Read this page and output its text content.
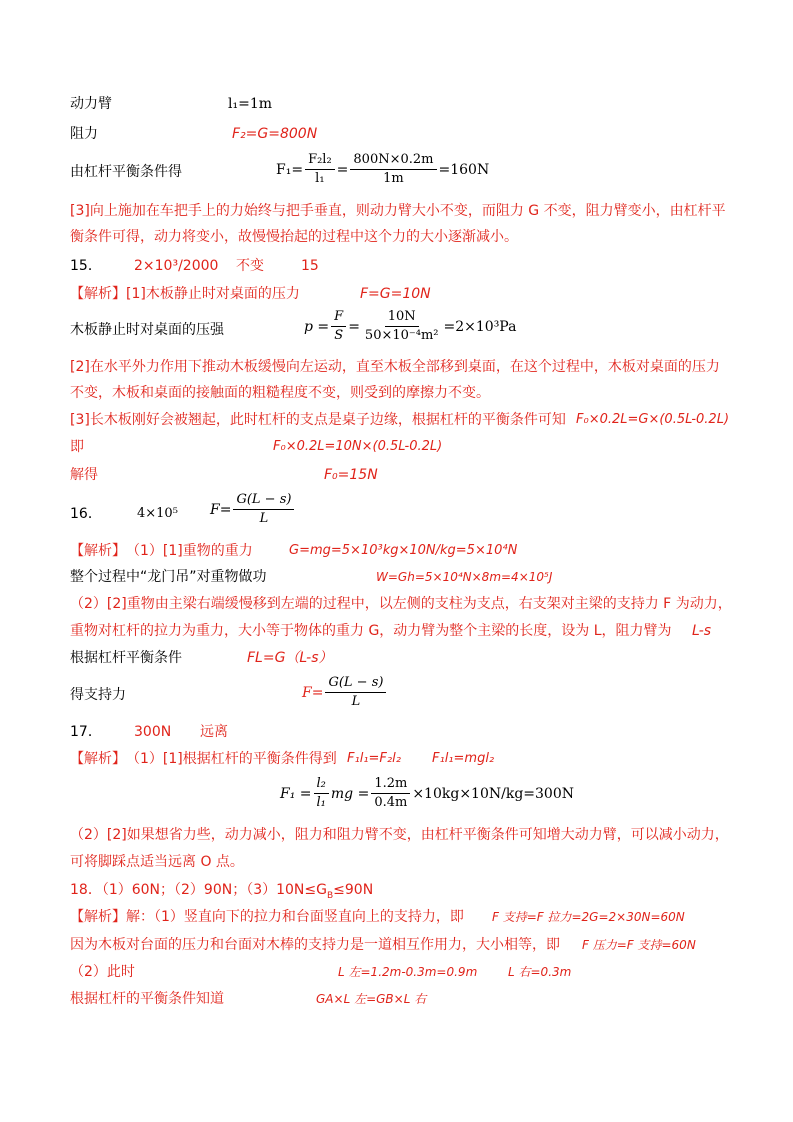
动力臂	l₁=1m
阻力	F₂=G=800N
由杠杆平衡条件得	$F_1= \frac{\text{F₂l₂}}{\text{l₁}} = \frac{800N\times 0.2m}{1m} =160N$
[3]向上施加在车把手上的力始终与把手垂直，则动力臂大小不变，而阻力 G 不变，阻力臂变小，由杠杆平
衡条件可得，动力将变小，故慢慢抬起的过程中这个力的大小逐渐减小。
15． 2×10³/2000 不变	15
【解析】 [1]木板静止时对桌面的压力	F=G=10N
木板静止时对桌面的压强	$p = \frac{F}{S} = \frac{10N}{\text{50×10⁻⁴m²}} =2\times 10^3Pa$
[2]在水平外力作用下推动木板缓慢向左运动，直至木板全部移到桌面，在这个过程中，木板对桌面的压力
不变，木板和桌面的接触面的粗糙程度不变，则受到的摩擦力不变。
[3]长木板刚好会被翘起，此时杠杆的支点是桌子边缘，根据杠杆的平衡条件可知 F₀×0.2L=G×(0.5L-0.2L)
即	F₀×0.2L=10N×(0.5L-0.2L)
解得	F₀=15N
16．	4×10⁵ $F= \frac{G(L - s)}{L}$
【解析】 （1）[1]重物的重力	G=mg=5×10³kg×10N/kg=5×10⁴N
整个过程中“龙门吊”对重物做功	W=Gh=5×10⁴N×8m=4×10⁵J
（2）[2]重物由主梁右端缓慢移到左端的过程中，以左侧的支柱为支点，右支架对主梁的支持力 F 为动力，
重物对杠杆的拉力为重力，大小等于物体的重力 G，动力臂为整个主梁的长度，设为 L，阻力臂为 L-s
根据杠杆平衡条件	FL=G（L-s）
得支持力	$F= \frac{G(L - s)}{L}$
17． 300N 远离
【解析】 （1）[1]根据杠杆的平衡条件得到 F₁l₁=F₂l₂ F₁l₁=mgl₂
$F_1 = \frac{\text{l₂}}{\text{l₁}}$ mg = $\frac{1.2m}{0.4m} \times 10kg\times 10N/kg=300N$
（2）[2]如果想省力些，动力减小，阻力和阻力臂不变，由杠杆平衡条件可知增大动力臂，可以减小动力，
可将脚踩点适当远离 O 点。
18．（1）60N；（2）90N；$(3)10N\le G_B\le 90N$
【解析】 解：（1）竖直向下的拉力和台面竖直向上的支持力，即 F 支持=F 拉力=2G=2×30N=60N
因为木板对台面的压力和台面对木棒的支持力是一道相互作用力，大小相等，即 F 压力=F 支持=60N
（2）此时	L 左=1.2m-0.3m=0.9m	L 右=0.3m
根据杠杆的平衡条件知道	GA×L 左=GB×L 右
